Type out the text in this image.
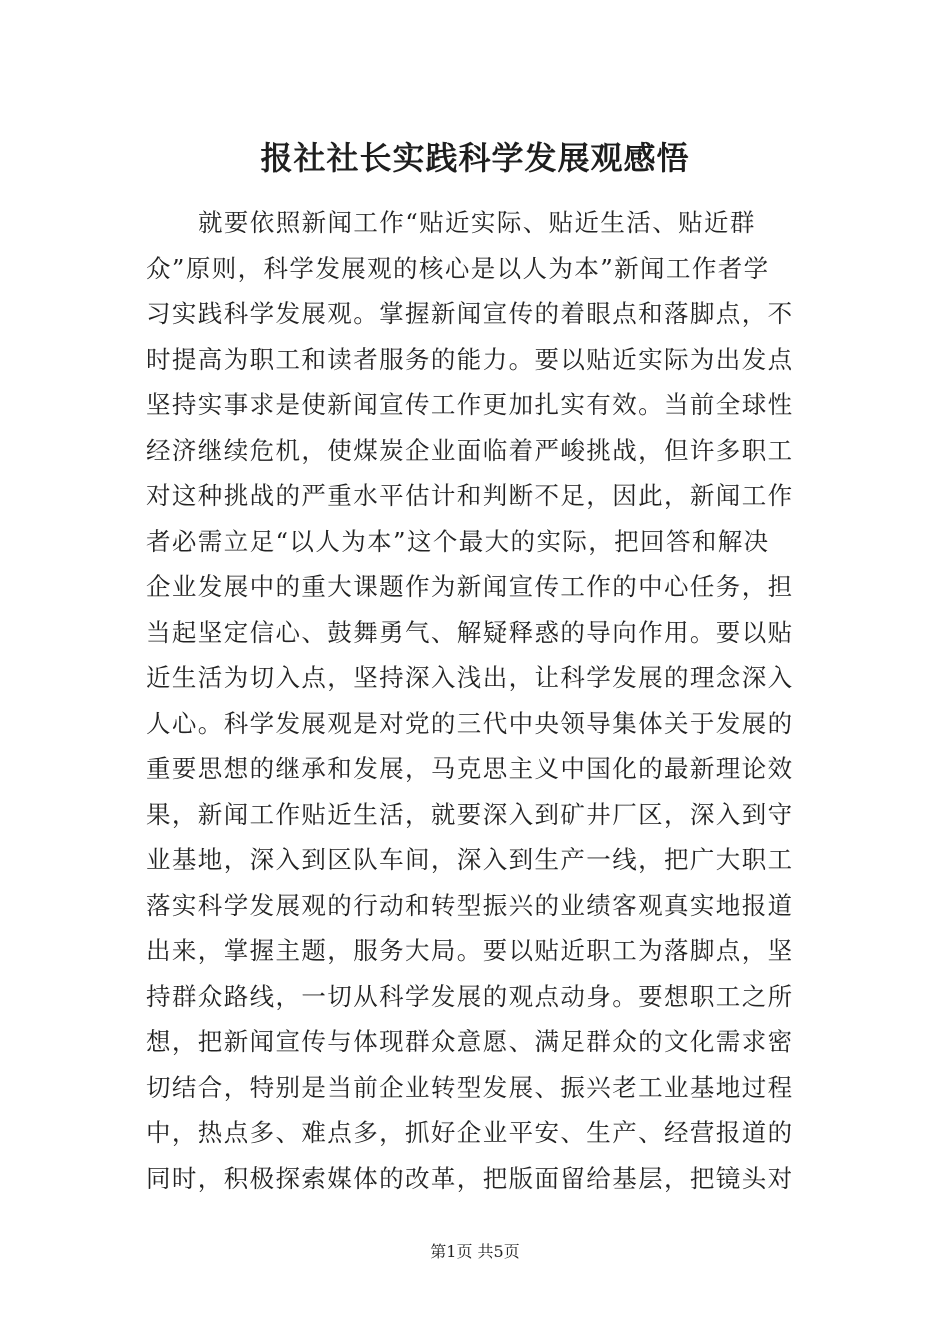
报社社长实践科学发展观感悟
就要依照新闻工作“贴近实际、贴近生活、贴近群
众”原则，科学发展观的核心是以人为本”新闻工作者学
习实践科学发展观。掌握新闻宣传的着眼点和落脚点，不
时提高为职工和读者服务的能力。要以贴近实际为出发点
坚持实事求是使新闻宣传工作更加扎实有效。当前全球性
经济继续危机，使煤炭企业面临着严峻挑战，但许多职工
对这种挑战的严重水平估计和判断不足，因此，新闻工作
者必需立足“以人为本”这个最大的实际，把回答和解决
企业发展中的重大课题作为新闻宣传工作的中心任务，担
当起坚定信心、鼓舞勇气、解疑释惑的导向作用。要以贴
近生活为切入点，坚持深入浅出，让科学发展的理念深入
人心。科学发展观是对党的三代中央领导集体关于发展的
重要思想的继承和发展，马克思主义中国化的最新理论效
果，新闻工作贴近生活，就要深入到矿井厂区，深入到守
业基地，深入到区队车间，深入到生产一线，把广大职工
落实科学发展观的行动和转型振兴的业绩客观真实地报道
出来，掌握主题，服务大局。要以贴近职工为落脚点，坚
持群众路线，一切从科学发展的观点动身。要想职工之所
想，把新闻宣传与体现群众意愿、满足群众的文化需求密
切结合，特别是当前企业转型发展、振兴老工业基地过程
中，热点多、难点多，抓好企业平安、生产、经营报道的
同时，积极探索媒体的改革，把版面留给基层，把镜头对
第1页 共5页
